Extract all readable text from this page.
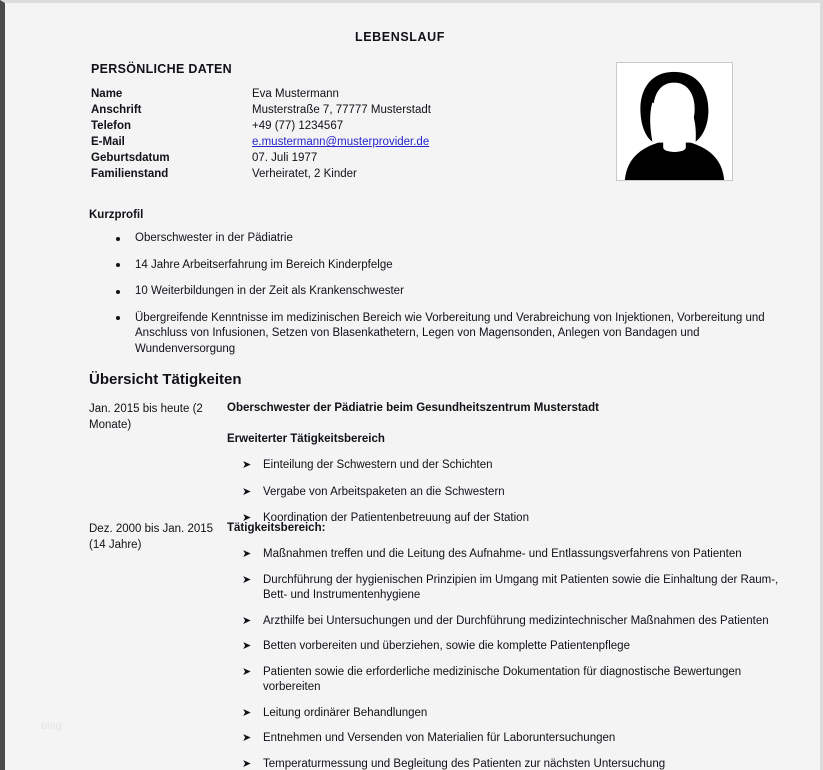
LEBENSLAUF
PERSÖNLICHE DATEN
Name	Eva Mustermann
Anschrift	Musterstraße 7, 77777 Musterstadt
Telefon	+49 (77) 1234567
E-Mail	e.mustermann@musterprovider.de
Geburtsdatum	07. Juli 1977
Familienstand	Verheiratet, 2 Kinder
Kurzprofil
Oberschwester in der Pädiatrie
14 Jahre Arbeitserfahrung im Bereich Kinderpfelge
10 Weiterbildungen in der Zeit als Krankenschwester
Übergreifende Kenntnisse im medizinischen Bereich wie Vorbereitung und Verabreichung von Injektionen, Vorbereitung und Anschluss von Infusionen, Setzen von Blasenkathetern, Legen von Magensonden, Anlegen von Bandagen und Wundenversorgung
Übersicht Tätigkeiten
Jan. 2015 bis heute (2 Monate)
Oberschwester der Pädiatrie beim Gesundheitszentrum Musterstadt
Erweiterter Tätigkeitsbereich
➤ Einteilung der Schwestern und der Schichten
➤ Vergabe von Arbeitspaketen an die Schwestern
➤ Koordination der Patientenbetreuung auf der Station
Dez. 2000 bis Jan. 2015 (14 Jahre)
Tätigkeitsbereich:
➤ Maßnahmen treffen und die Leitung des Aufnahme- und Entlassungsverfahrens von Patienten
➤ Durchführung der hygienischen Prinzipien im Umgang mit Patienten sowie die Einhaltung der Raum-, Bett- und Instrumentenhygiene
➤ Arzthilfe bei Untersuchungen und der Durchführung medizintechnischer Maßnahmen des Patienten
➤ Betten vorbereiten und überziehen, sowie die komplette Patientenpflege
➤ Patienten sowie die erforderliche medizinische Dokumentation für diagnostische Bewertungen vorbereiten
➤ Leitung ordinärer Behandlungen
➤ Entnehmen und Versenden von Materialien für Laboruntersuchungen
➤ Temperaturmessung und Begleitung des Patienten zur nächsten Untersuchung
blog
